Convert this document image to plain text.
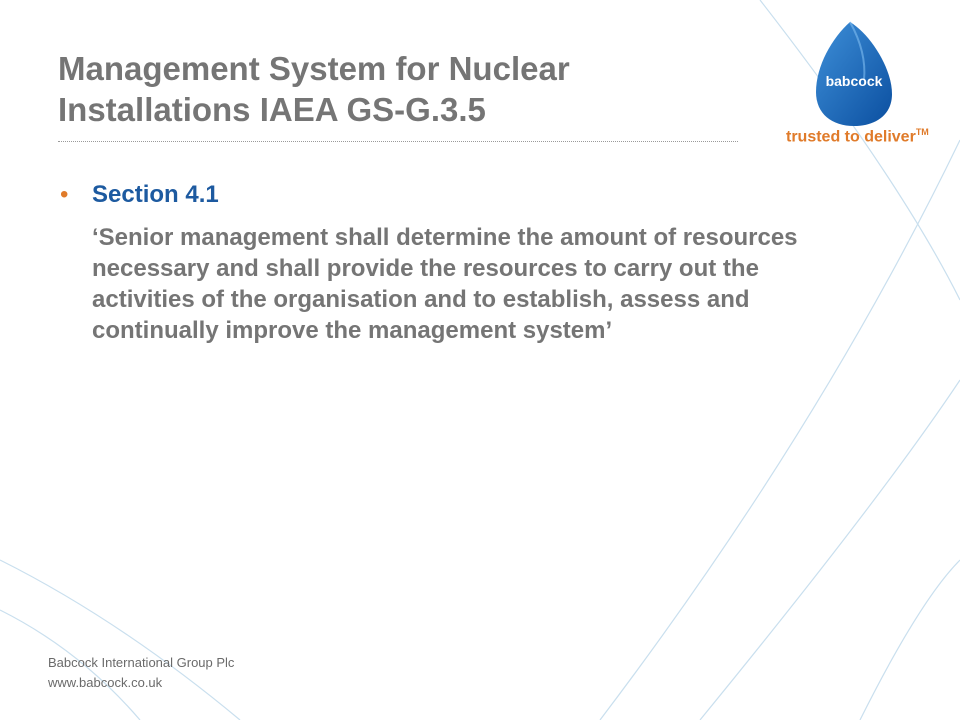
Management System for Nuclear Installations IAEA GS-G.3.5
babcock
trusted to deliver™
• Section 4.1

‘Senior management shall determine the amount of resources necessary and shall provide the resources to carry out the activities of the organisation and to establish, assess and continually improve the management system’

Babcock International Group Plc
www.babcock.co.uk
